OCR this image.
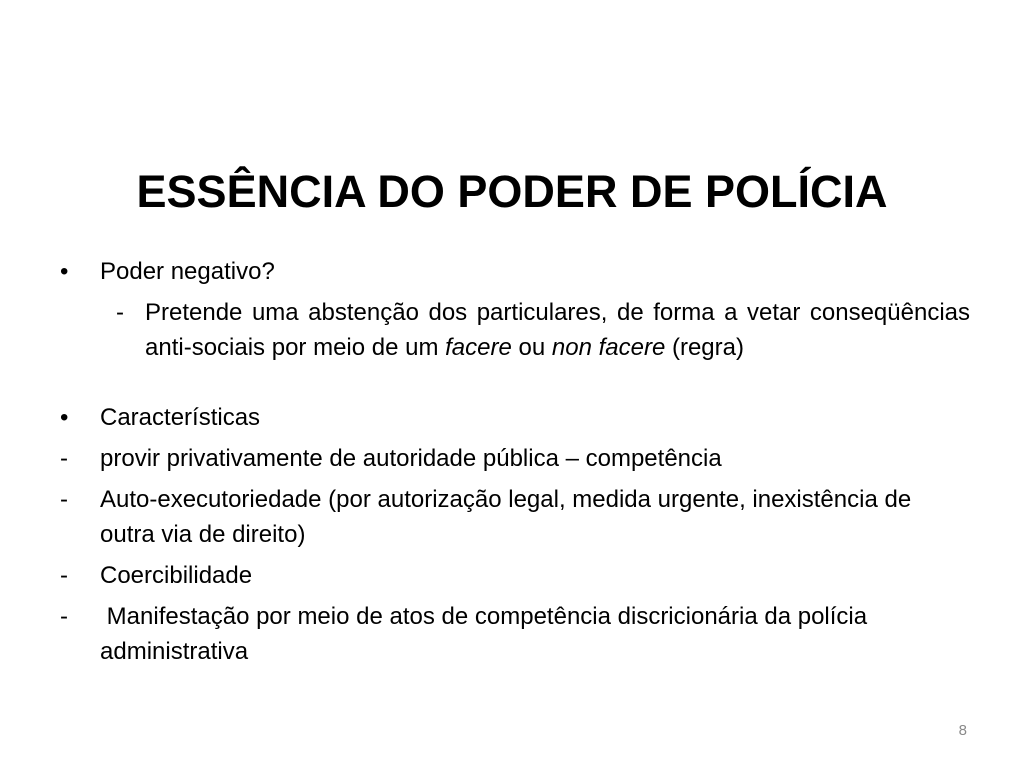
ESSÊNCIA DO PODER DE POLÍCIA
• Poder negativo?
- Pretende uma abstenção dos particulares, de forma a vetar conseqüências anti-sociais por meio de um facere ou non facere (regra)
• Características
- provir privativamente de autoridade pública – competência
- Auto-executoriedade (por autorização legal, medida urgente, inexistência de outra via de direito)
- Coercibilidade
- Manifestação por meio de atos de competência discricionária da polícia administrativa
8
